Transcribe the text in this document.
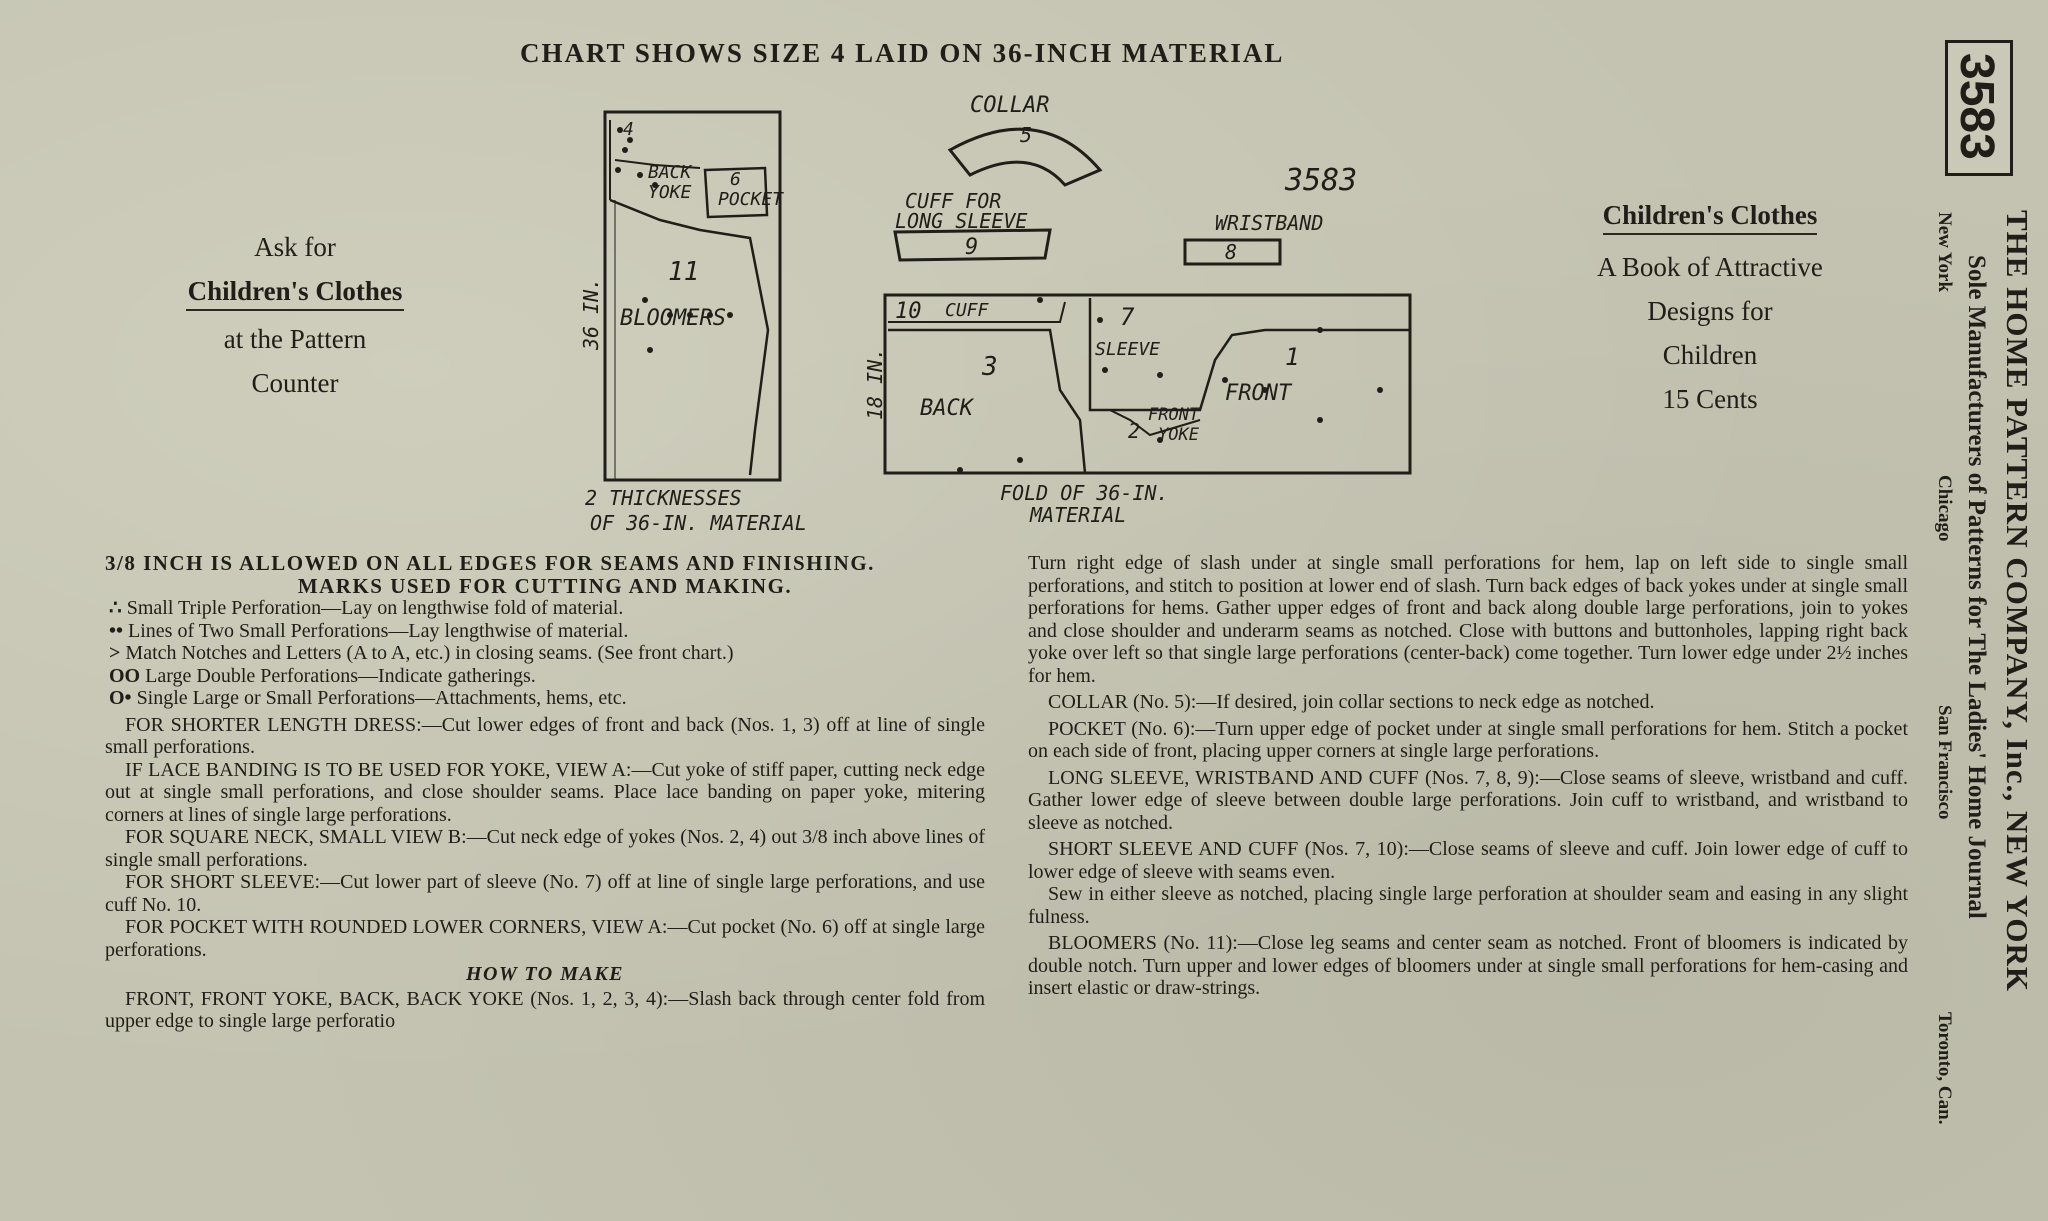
CHART SHOWS SIZE 4 LAID ON 36-INCH MATERIAL
Ask for
Children's Clothes
at the Pattern
Counter
Children's Clothes
A Book of Attractive
Designs for
Children
15 Cents
3583
THE HOME PATTERN COMPANY, Inc., NEW YORK
Sole Manufacturers of Patterns for The Ladies' Home Journal
New York
Chicago
San Francisco
Toronto, Can.
4
BACK
YOKE
6
POCKET
11
BLOOMERS
36 IN.
2 THICKNESSES
OF 36-IN. MATERIAL
COLLAR
5
3583
CUFF FOR
LONG SLEEVE
9
WRISTBAND
8
10 CUFF	7
SLEEVE
3
BACK
1
FRONT
2
FRONT
YOKE
18 IN.
FOLD OF 36-IN.
MATERIAL

3/8 INCH IS ALLOWED ON ALL EDGES FOR SEAMS AND FINISHING.

MARKS USED FOR CUTTING AND MAKING.

∴ Small Triple Perforation—Lay on lengthwise fold of material.

•• Lines of Two Small Perforations—Lay lengthwise of material.

> Match Notches and Letters (A to A, etc.) in closing seams. (See front chart.)

OO Large Double Perforations—Indicate gatherings.

O• Single Large or Small Perforations—Attachments, hems, etc.

FOR SHORTER LENGTH DRESS:—Cut lower edges of front and back (Nos. 1, 3) off at line of single small perforations.

IF LACE BANDING IS TO BE USED FOR YOKE, VIEW A:—Cut yoke of stiff paper, cutting neck edge out at single small perforations, and close shoulder seams. Place lace banding on paper yoke, mitering corners at lines of single large perforations.

FOR SQUARE NECK, SMALL VIEW B:—Cut neck edge of yokes (Nos. 2, 4) out 3/8 inch above lines of single small perforations.

FOR SHORT SLEEVE:—Cut lower part of sleeve (No. 7) off at line of single large perforations, and use cuff No. 10.

FOR POCKET WITH ROUNDED LOWER CORNERS, VIEW A:—Cut pocket (No. 6) off at single large perforations.

HOW TO MAKE

FRONT, FRONT YOKE, BACK, BACK YOKE (Nos. 1, 2, 3, 4):—Slash back through center fold from upper edge to single large perforatio

Turn right edge of slash under at single small perforations for hem, lap on left side to single small perforations, and stitch to position at lower end of slash. Turn back edges of back yokes under at single small perforations for hems. Gather upper edges of front and back along double large perforations, join to yokes and close shoulder and underarm seams as notched. Close with buttons and buttonholes, lapping right back yoke over left so that single large perforations (center-back) come together. Turn lower edge under 2½ inches for hem.

COLLAR (No. 5):—If desired, join collar sections to neck edge as notched.

POCKET (No. 6):—Turn upper edge of pocket under at single small perforations for hem. Stitch a pocket on each side of front, placing upper corners at single large perforations.

LONG SLEEVE, WRISTBAND AND CUFF (Nos. 7, 8, 9):—Close seams of sleeve, wristband and cuff. Gather lower edge of sleeve between double large perforations. Join cuff to wristband, and wristband to sleeve as notched.

SHORT SLEEVE AND CUFF (Nos. 7, 10):—Close seams of sleeve and cuff. Join lower edge of cuff to lower edge of sleeve with seams even.

Sew in either sleeve as notched, placing single large perforation at shoulder seam and easing in any slight fulness.

BLOOMERS (No. 11):—Close leg seams and center seam as notched. Front of bloomers is indicated by double notch. Turn upper and lower edges of bloomers under at single small perforations for hem-casing and insert elastic or draw-strings.
